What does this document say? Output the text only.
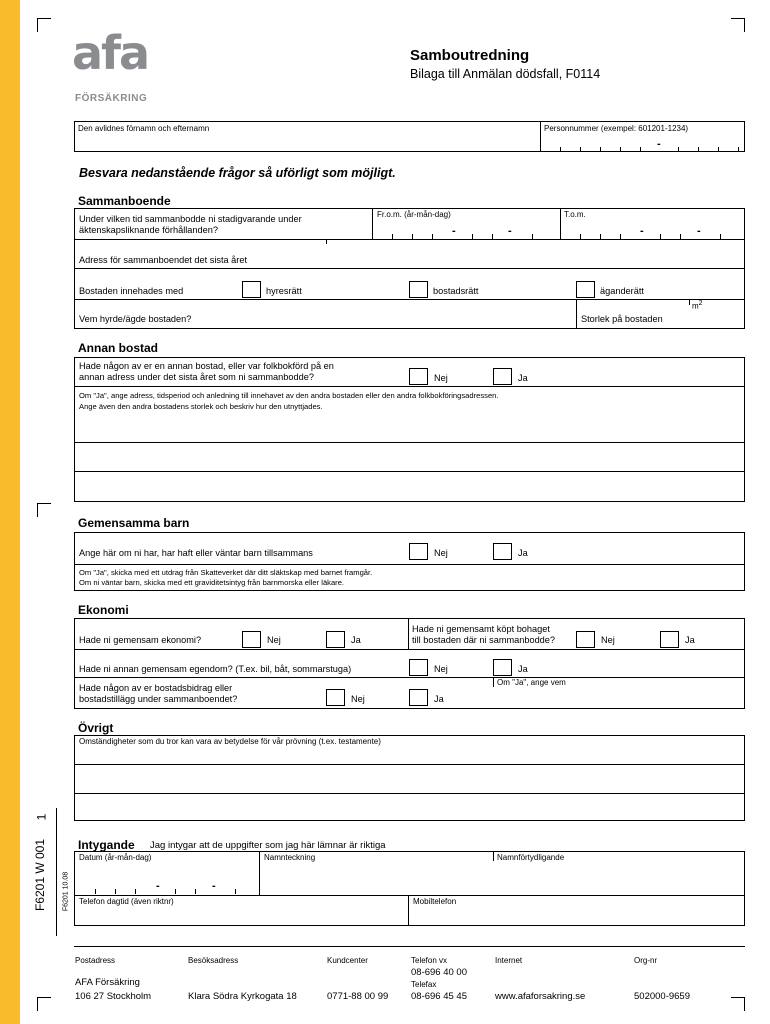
afa
FÖRSÄKRING
Samboutredning
Bilaga till Anmälan dödsfall, F0114
Den avlidnes förnamn och efternamn	Personnummer (exempel: 601201-1234)
-
Besvara nedanstående frågor så uförligt som möjligt.
Sammanboende
Under vilken tid sammanbodde ni stadigvarande under
äktenskapsliknande förhållanden?
Fr.o.m. (år-mån-dag)	T.o.m.
-	-	-	-
Adress för sammanboendet det sista året
Bostaden innehades med	hyresrätt	bostadsrätt	äganderätt
Vem hyrde/ägde bostaden?	Storlek på bostaden
$m^2$
Annan bostad
Hade någon av er en annan bostad, eller var folkbokförd på en
annan adress under det sista året som ni sammanbodde?	Nej	Ja
Om "Ja", ange adress, tidsperiod och anledning till innehavet av den andra bostaden eller den andra folkbokföringsadressen.
Ange även den andra bostadens storlek och beskriv hur den utnyttjades.
Gemensamma barn
Ange här om ni har, har haft eller väntar barn tillsammans	Nej	Ja
Om "Ja", skicka med ett utdrag från Skatteverket där ditt släktskap med barnet framgår.
Om ni väntar barn, skicka med ett graviditetsintyg från barnmorska eller läkare.
Ekonomi
Hade ni gemensam ekonomi?	Nej	Ja
Hade ni gemensamt köpt bohaget
till bostaden där ni sammanbodde?	Nej	Ja
Hade ni annan gemensam egendom? (T.ex. bil, båt, sommarstuga)	Nej	Ja
Om "Ja", ange vem
Hade någon av er bostadsbidrag eller
bostadstillägg under sammanboendet?	Nej	Ja
Övrigt
Omständigheter som du tror kan vara av betydelse för vår prövning (t.ex. testamente)
F6201 W 001
1
F6201 10.08
Intygande Jag intygar att de uppgifter som jag här lämnar är riktiga
Datum (år-mån-dag)	Namnteckning	Namnförtydligande
-	-
Telefon dagtid (även riktnr)	Mobiltelefon
Postadress
AFA Försäkring
106 27 Stockholm
Besöksadress
Klara Södra Kyrkogata 18
Kundcenter
0771-88 00 99
Telefon vx
08-696 40 00
Telefax
08-696 45 45
Internet
www.afaforsakring.se
Org-nr
502000-9659
